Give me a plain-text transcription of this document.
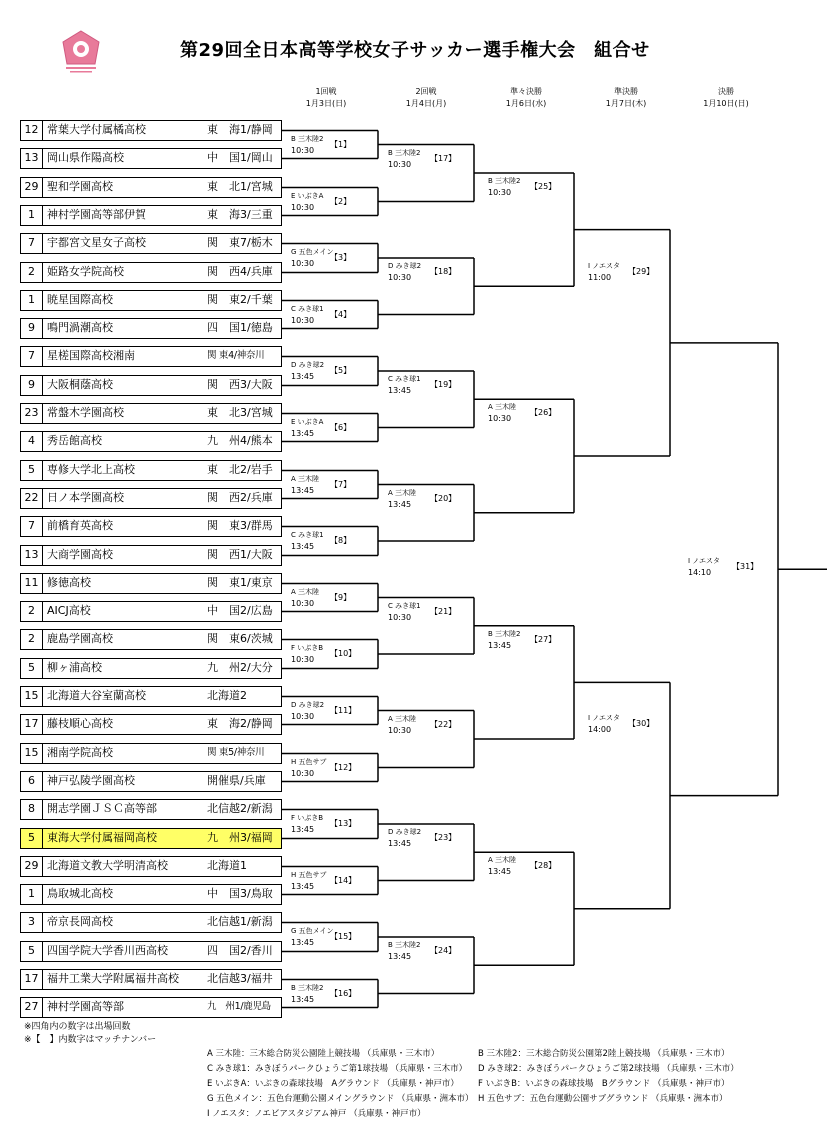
第29回全日本高等学校女子サッカー選手権大会　組合せ
1回戦
1月3日(日)
2回戦
1月4日(月)
準々決勝
1月6日(水)
準決勝
1月7日(木)
決勝
1月10日(日)
12 常葉大学付属橘高校	東　海1/静岡
13 岡山県作陽高校	中　国1/岡山
29 聖和学園高校	東　北1/宮城
1	神村学園高等部伊賀	東　海3/三重
7	宇都宮文星女子高校	関　東7/栃木
2	姫路女学院高校	関　西4/兵庫
1	暁星国際高校	関　東2/千葉
9	鳴門渦潮高校	四　国1/徳島
7	星槎国際高校湘南	関 東4/神奈川
9	大阪桐蔭高校	関　西3/大阪
23 常盤木学園高校	東　北3/宮城
4	秀岳館高校	九　州4/熊本
5	専修大学北上高校	東　北2/岩手
22 日ノ本学園高校	関　西2/兵庫
7	前橋育英高校	関　東3/群馬
13 大商学園高校	関　西1/大阪
11 修徳高校	関　東1/東京
2	AICJ高校	中　国2/広島
2	鹿島学園高校	関　東6/茨城
5	柳ヶ浦高校	九　州2/大分
15 北海道大谷室蘭高校	北海道2
17 藤枝順心高校	東　海2/静岡
15 湘南学院高校	関 東5/神奈川
6	神戸弘陵学園高校	開催県/兵庫
8	開志学園ＪＳＣ高等部	北信越2/新潟
5	東海大学付属福岡高校	九　州3/福岡
29 北海道文教大学明清高校	北海道1
1	鳥取城北高校	中　国3/鳥取
3	帝京長岡高校	北信越1/新潟
5	四国学院大学香川西高校	四　国2/香川
17 福井工業大学附属福井高校	北信越3/福井
27 神村学園高等部	九　州1/鹿児島
B 三木陸2
10:30
【1】
E いぶきA
10:30
【2】
G 五色メイン
10:30
【3】
C みき球1
10:30
【4】
D みき球2
13:45
【5】
E いぶきA
13:45
【6】
A 三木陸
13:45
【7】
C みき球1
13:45
【8】
A 三木陸
10:30
【9】
F いぶきB
10:30
【10】
D みき球2
10:30
【11】
H 五色サブ
10:30
【12】
F いぶきB
13:45
【13】
H 五色サブ
13:45
【14】
G 五色メイン
13:45
【15】
B 三木陸2
13:45
【16】
B 三木陸2
10:30
【17】
D みき球2
10:30
【18】
C みき球1
13:45
【19】
A 三木陸
13:45
【20】
C みき球1
10:30
【21】
A 三木陸
10:30
【22】
D みき球2
13:45
【23】
B 三木陸2
13:45
【24】
B 三木陸2
10:30
【25】
A 三木陸
10:30
【26】
B 三木陸2
13:45
【27】
A 三木陸
13:45
【28】
I ノエスタ
11:00
【29】
I ノエスタ
14:00
【30】
I ノエスタ
14:10
【31】
※四角内の数字は出場回数
※【　】内数字はマッチナンバー
A 三木陸：三木総合防災公園陸上競技場 （兵庫県・三木市）	B 三木陸2：三木総合防災公園第2陸上競技場 （兵庫県・三木市）
C みき球1：みきぼうパークひょうご第1球技場 （兵庫県・三木市） D みき球2：みきぼうパークひょうご第2球技場 （兵庫県・三木市）
E いぶきA：いぶきの森球技場　Aグラウンド （兵庫県・神戸市） F いぶきB：いぶきの森球技場　Bグラウンド （兵庫県・神戸市）
G 五色メイン：五色台運動公園メイングラウンド （兵庫県・洲本市） H 五色サブ：五色台運動公園サブグラウンド （兵庫県・洲本市）
I ノエスタ：ノエビアスタジアム神戸 （兵庫県・神戸市）
